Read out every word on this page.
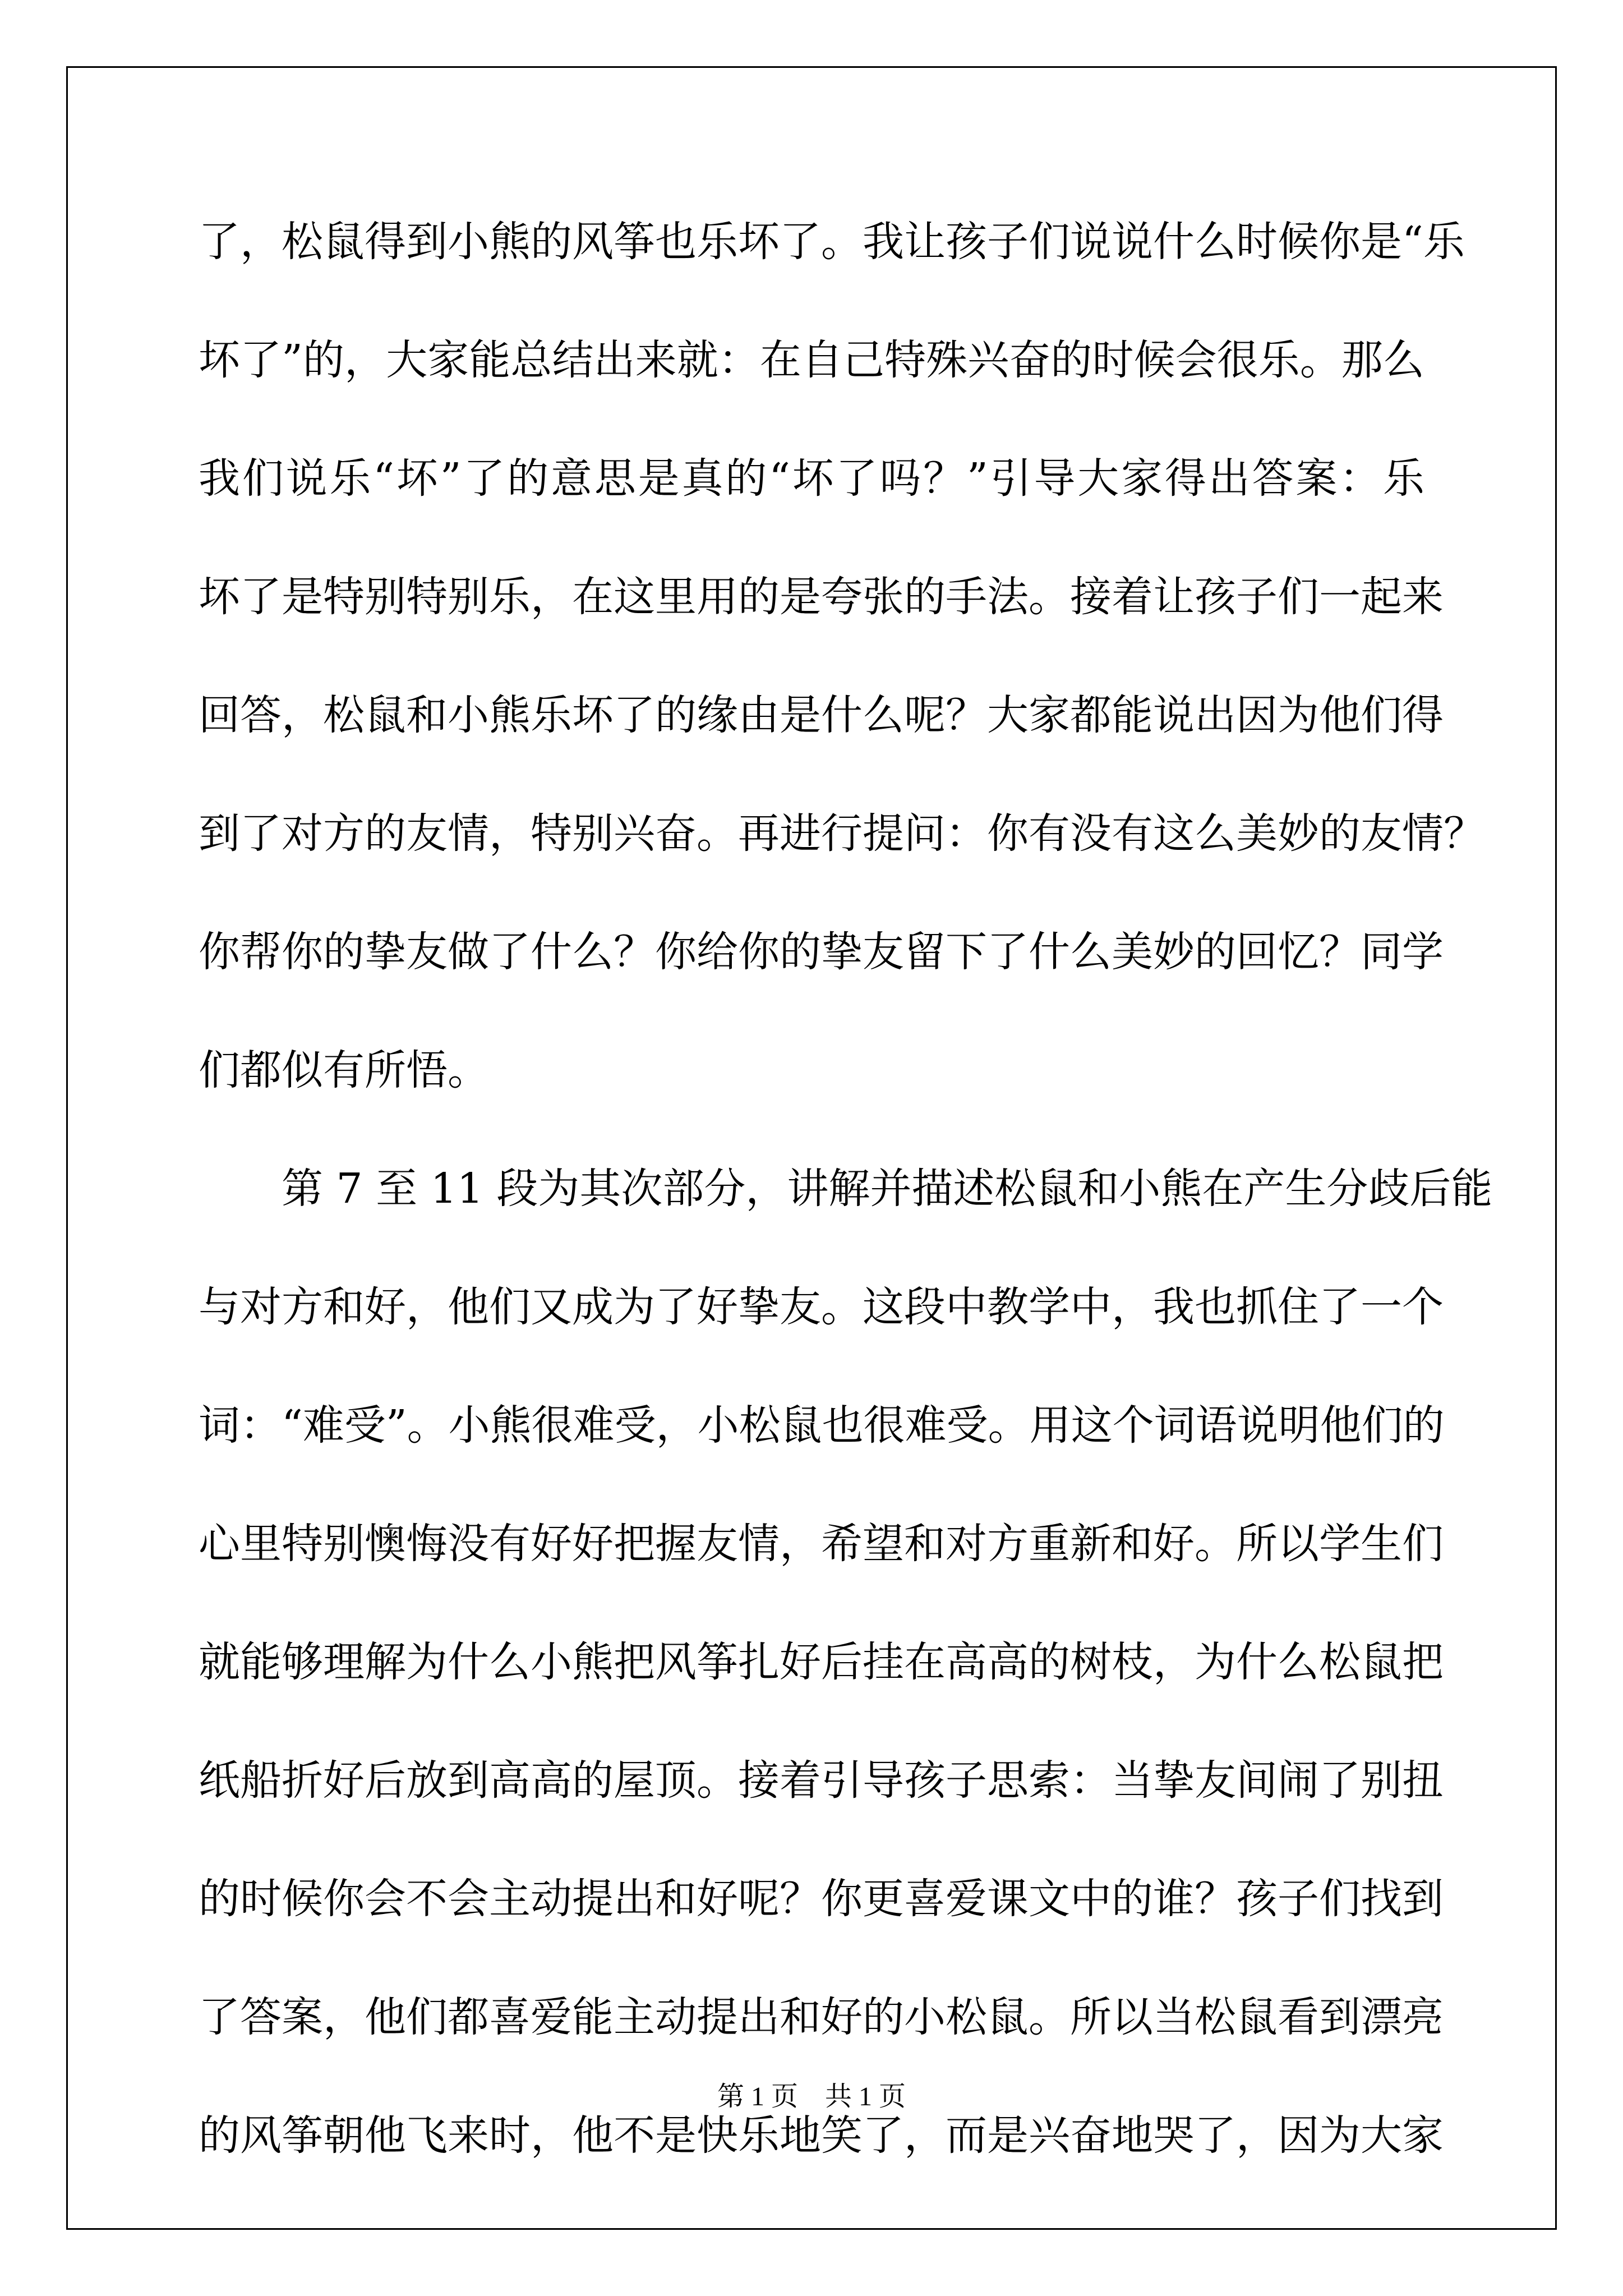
了，松鼠得到小熊的风筝也乐坏了。我让孩子们说说什么时候你是“乐
坏了”的，大家能总结出来就：在自己特殊兴奋的时候会很乐。那么
我们说乐“坏”了的意思是真的“坏了吗？”引导大家得出答案：乐
坏了是特别特别乐，在这里用的是夸张的手法。接着让孩子们一起来
回答，松鼠和小熊乐坏了的缘由是什么呢？大家都能说出因为他们得
到了对方的友情，特别兴奋。再进行提问：你有没有这么美妙的友情？
你帮你的挚友做了什么？你给你的挚友留下了什么美妙的回忆？同学
们都似有所悟。
第 7 至 11 段为其次部分，讲解并描述松鼠和小熊在产生分歧后能
与对方和好，他们又成为了好挚友。这段中教学中，我也抓住了一个
词：“难受”。小熊很难受，小松鼠也很难受。用这个词语说明他们的
心里特别懊悔没有好好把握友情，希望和对方重新和好。所以学生们
就能够理解为什么小熊把风筝扎好后挂在高高的树枝，为什么松鼠把
纸船折好后放到高高的屋顶。接着引导孩子思索：当挚友间闹了别扭
的时候你会不会主动提出和好呢？你更喜爱课文中的谁？孩子们找到
了答案，他们都喜爱能主动提出和好的小松鼠。所以当松鼠看到漂亮
的风筝朝他飞来时，他不是快乐地笑了，而是兴奋地哭了，因为大家
第 1 页    共 1 页
